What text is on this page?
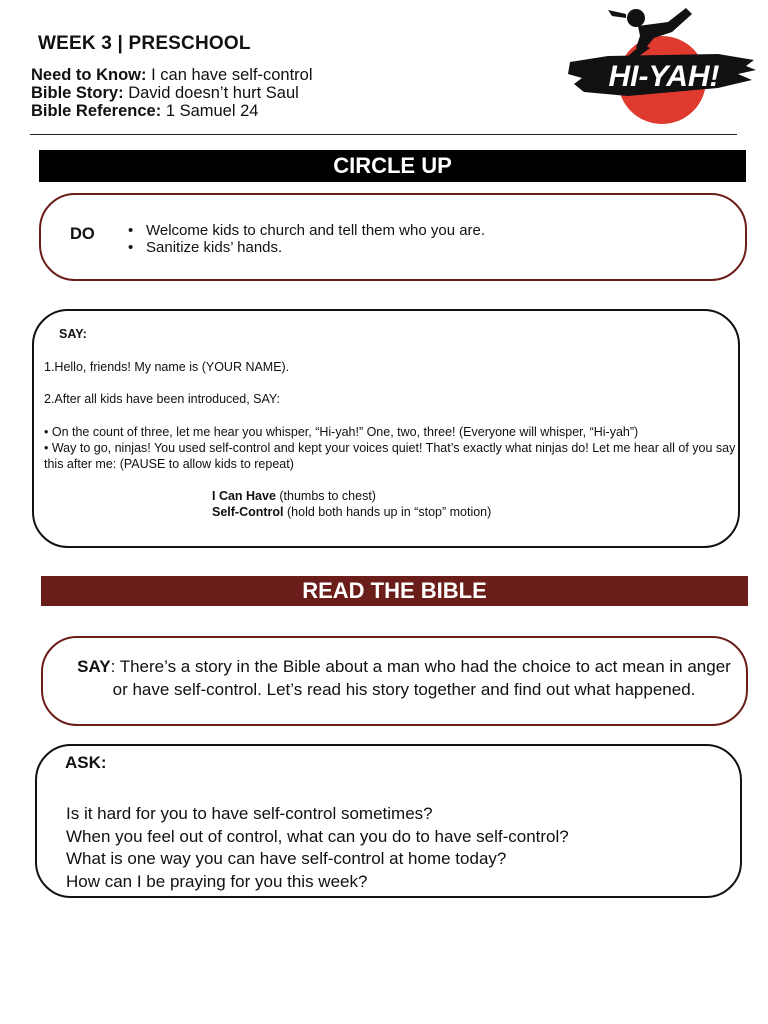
WEEK 3 | PRESCHOOL
Need to Know: I can have self-control
Bible Story: David doesn’t hurt Saul
Bible Reference: 1 Samuel 24
HI-YAH!
CIRCLE UP
DO
•	Welcome kids to church and tell them who you are.
• Sanitize kids’ hands.
SAY:
1.Hello, friends! My name is (YOUR NAME).
2.After all kids have been introduced, SAY:
• On the count of three, let me hear you whisper, “Hi-yah!” One, two, three! (Everyone will whisper, “Hi-yah”)
• Way to go, ninjas! You used self-control and kept your voices quiet! That’s exactly what ninjas do! Let me hear all of you say this after me: (PAUSE to allow kids to repeat)
I Can Have (thumbs to chest)
Self-Control (hold both hands up in “stop” motion)
READ THE BIBLE
SAY: There’s a story in the Bible about a man who had the choice to act mean in anger or have self-control. Let’s read his story together and find out what happened.
ASK:
Is it hard for you to have self-control sometimes?
When you feel out of control, what can you do to have self-control?
What is one way you can have self-control at home today?
How can I be praying for you this week?
